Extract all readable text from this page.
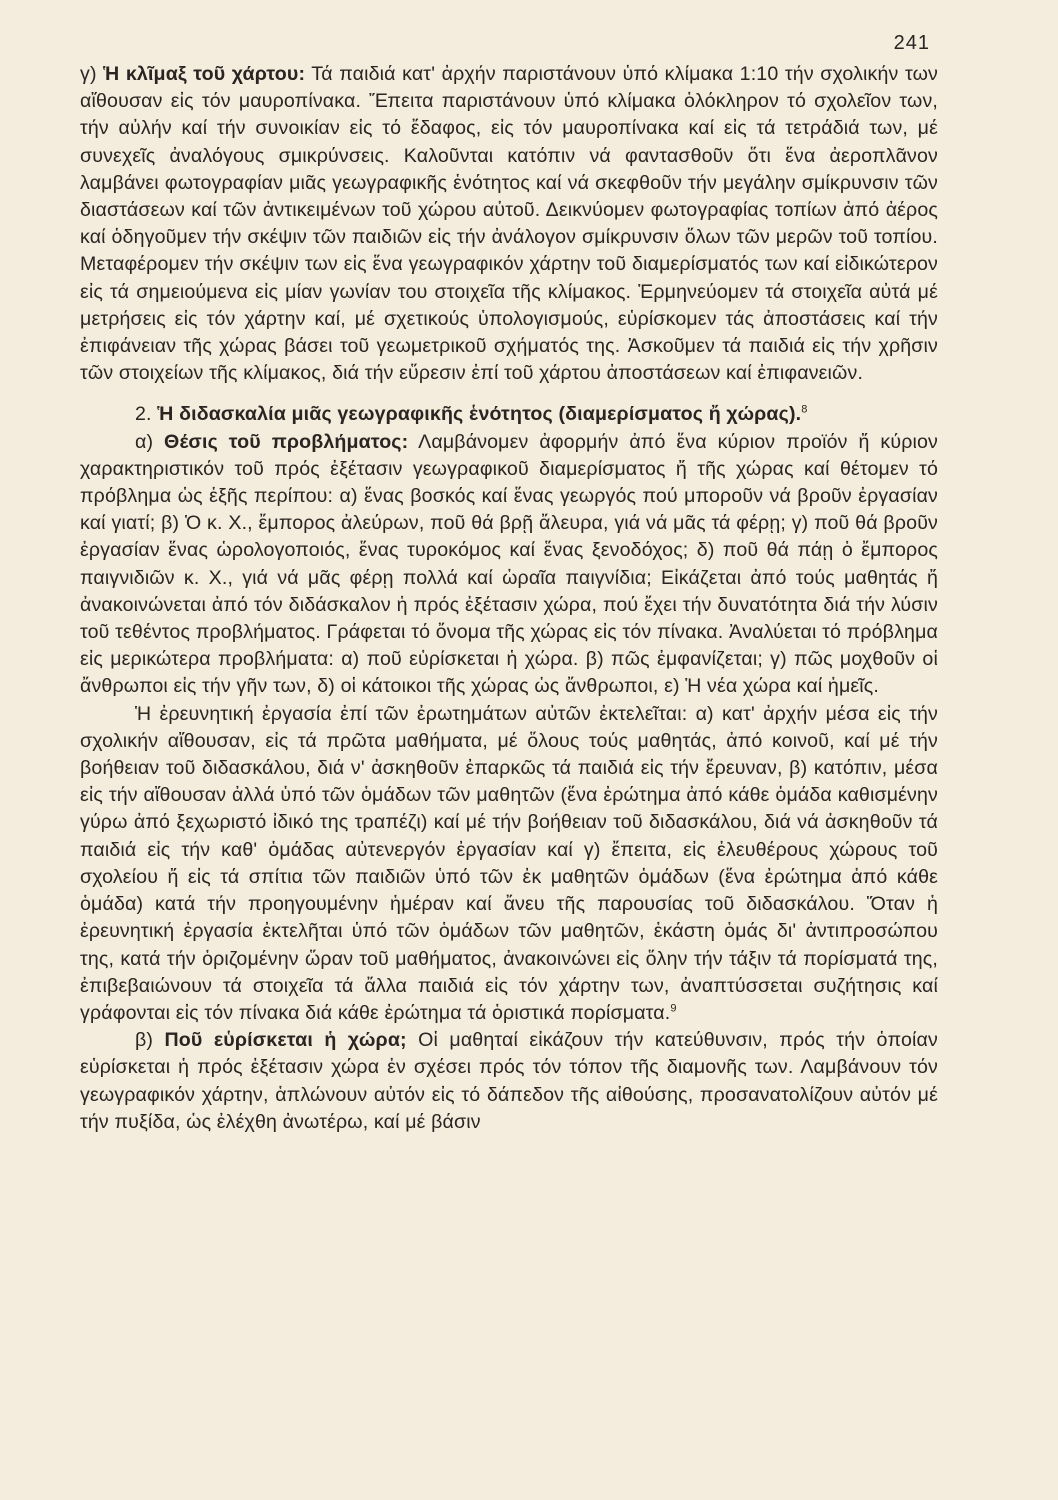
241

γ) Ἡ κλῖμαξ τοῦ χάρτου: Τά παιδιά κατ' ἀρχήν παριστάνουν ὑπό κλίμακα 1:10 τήν σχολικήν των αἴθουσαν εἰς τόν μαυροπίνακα. Ἔπειτα παριστάνουν ὑπό κλίμακα ὁλόκληρον τό σχολεῖον των, τήν αὐλήν καί τήν συνοικίαν εἰς τό ἔδαφος, εἰς τόν μαυροπίνακα καί εἰς τά τετράδιά των, μέ συνεχεῖς ἀναλόγους σμικρύνσεις. Καλοῦνται κατόπιν νά φαντασθοῦν ὅτι ἕνα ἀεροπλᾶνον λαμβάνει φωτογραφίαν μιᾶς γεωγραφικῆς ἑνότητος καί νά σκεφθοῦν τήν μεγάλην σμίκρυνσιν τῶν διαστάσεων καί τῶν ἀντικειμένων τοῦ χώρου αὐτοῦ. Δεικνύομεν φωτογραφίας τοπίων ἀπό ἀέρος καί ὁδηγοῦμεν τήν σκέψιν τῶν παιδιῶν εἰς τήν ἀνάλογον σμίκρυνσιν ὅλων τῶν μερῶν τοῦ τοπίου. Μεταφέρομεν τήν σκέψιν των εἰς ἕνα γεωγραφικόν χάρτην τοῦ διαμερίσματός των καί εἰδικώτερον εἰς τά σημειούμενα εἰς μίαν γωνίαν του στοιχεῖα τῆς κλίμακος. Ἑρμηνεύομεν τά στοιχεῖα αὐτά μέ μετρήσεις εἰς τόν χάρτην καί, μέ σχετικούς ὑπολογισμούς, εὑρίσκομεν τάς ἀποστάσεις καί τήν ἐπιφάνειαν τῆς χώρας βάσει τοῦ γεωμετρικοῦ σχήματός της. Ἀσκοῦμεν τά παιδιά εἰς τήν χρῆσιν τῶν στοιχείων τῆς κλίμακος, διά τήν εὕρεσιν ἐπί τοῦ χάρτου ἀποστάσεων καί ἐπιφανειῶν.

2. Ἡ διδασκαλία μιᾶς γεωγραφικῆς ἑνότητος (διαμερίσματος ἤ χώρας).$^8$

α) Θέσις τοῦ προβλήματος: Λαμβάνομεν ἀφορμήν ἀπό ἕνα κύριον προϊόν ἤ κύριον χαρακτηριστικόν τοῦ πρός ἐξέτασιν γεωγραφικοῦ διαμερίσματος ἤ τῆς χώρας καί θέτομεν τό πρόβλημα ὡς ἑξῆς περίπου: α) ἕνας βοσκός καί ἕνας γεωργός πού μποροῦν νά βροῦν ἐργασίαν καί γιατί; β) Ὁ κ. Χ., ἔμπορος ἀλεύρων, ποῦ θά βρῇ ἄλευρα, γιά νά μᾶς τά φέρῃ; γ) ποῦ θά βροῦν ἐργασίαν ἕνας ὡρολογοποιός, ἕνας τυροκόμος καί ἕνας ξενοδόχος; δ) ποῦ θά πάῃ ὁ ἔμπορος παιγνιδιῶν κ. Χ., γιά νά μᾶς φέρῃ πολλά καί ὡραῖα παιγνίδια; Εἰκάζεται ἀπό τούς μαθητάς ἤ ἀνακοινώνεται ἀπό τόν διδάσκαλον ἡ πρός ἐξέτασιν χώρα, πού ἔχει τήν δυνατότητα διά τήν λύσιν τοῦ τεθέντος προβλήματος. Γράφεται τό ὄνομα τῆς χώρας εἰς τόν πίνακα. Ἀναλύεται τό πρόβλημα εἰς μερικώτερα προβλήματα: α) ποῦ εὑρίσκεται ἡ χώρα. β) πῶς ἐμφανίζεται; γ) πῶς μοχθοῦν οἱ ἄνθρωποι εἰς τήν γῆν των, δ) οἱ κάτοικοι τῆς χώρας ὡς ἄνθρωποι, ε) Ἡ νέα χώρα καί ἡμεῖς.

Ἡ ἐρευνητική ἐργασία ἐπί τῶν ἐρωτημάτων αὐτῶν ἐκτελεῖται: α) κατ' ἀρχήν μέσα εἰς τήν σχολικήν αἴθουσαν, εἰς τά πρῶτα μαθήματα, μέ ὅλους τούς μαθητάς, ἀπό κοινοῦ, καί μέ τήν βοήθειαν τοῦ διδασκάλου, διά ν' ἀσκηθοῦν ἐπαρκῶς τά παιδιά εἰς τήν ἔρευναν, β) κατόπιν, μέσα εἰς τήν αἴθουσαν ἀλλά ὑπό τῶν ὁμάδων τῶν μαθητῶν (ἕνα ἐρώτημα ἀπό κάθε ὁμάδα καθισμένην γύρω ἀπό ξεχωριστό ἰδικό της τραπέζι) καί μέ τήν βοήθειαν τοῦ διδασκάλου, διά νά ἀσκηθοῦν τά παιδιά εἰς τήν καθ' ὁμάδας αὐτενεργόν ἐργασίαν καί γ) ἔπειτα, εἰς ἐλευθέρους χώρους τοῦ σχολείου ἤ εἰς τά σπίτια τῶν παιδιῶν ὑπό τῶν ἐκ μαθητῶν ὁμάδων (ἕνα ἐρώτημα ἀπό κάθε ὁμάδα) κατά τήν προηγουμένην ἡμέραν καί ἄνευ τῆς παρουσίας τοῦ διδασκάλου. Ὅταν ἡ ἐρευνητική ἐργασία ἐκτελῆται ὑπό τῶν ὁμάδων τῶν μαθητῶν, ἑκάστη ὁμάς δι' ἀντιπροσώπου της, κατά τήν ὁριζομένην ὥραν τοῦ μαθήματος, ἀνακοινώνει εἰς ὅλην τήν τάξιν τά πορίσματά της, ἐπιβεβαιώνουν τά στοιχεῖα τά ἄλλα παιδιά εἰς τόν χάρτην των, ἀναπτύσσεται συζήτησις καί γράφονται εἰς τόν πίνακα διά κάθε ἐρώτημα τά ὁριστικά πορίσματα.$^9$

β) Ποῦ εὑρίσκεται ἡ χώρα; Οἱ μαθηταί εἰκάζουν τήν κατεύθυνσιν, πρός τήν ὁποίαν εὑρίσκεται ἡ πρός ἐξέτασιν χώρα ἐν σχέσει πρός τόν τόπον τῆς διαμονῆς των. Λαμβάνουν τόν γεωγραφικόν χάρτην, ἁπλώνουν αὐτόν εἰς τό δάπεδον τῆς αἰθούσης, προσανατολίζουν αὐτόν μέ τήν πυξίδα, ὡς ἐλέχθη ἀνωτέρω, καί μέ βάσιν
